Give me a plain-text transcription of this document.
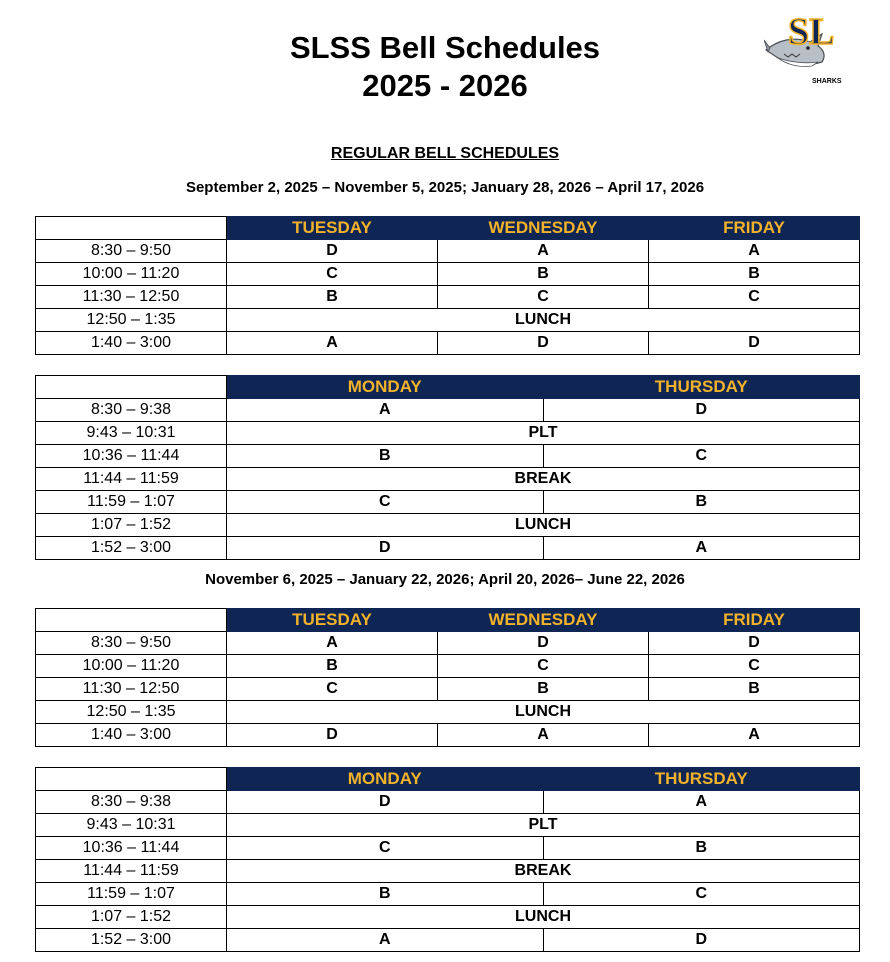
SLSS Bell Schedules
2025 - 2026
SL
SHARKS
REGULAR BELL SCHEDULES
September 2, 2025 – November 5, 2025; January 28, 2026 – April 17, 2026
November 6, 2025 – January 22, 2026; April 20, 2026– June 22, 2026
	TUESDAY	WEDNESDAY	FRIDAY
8:30 – 9:50	D	A	A
10:00 – 11:20	C	B	B
11:30 – 12:50	B	C	C
12:50 – 1:35	LUNCH		
1:40 – 3:00	A	D	D
	MONDAY	THURSDAY
8:30 – 9:38	A	D
9:43 – 10:31	PLT	
10:36 – 11:44	B	C
11:44 – 11:59	BREAK	
11:59 – 1:07	C	B
1:07 – 1:52	LUNCH	
1:52 – 3:00	D	A
	TUESDAY	WEDNESDAY	FRIDAY
8:30 – 9:50	A	D	D
10:00 – 11:20	B	C	C
11:30 – 12:50	C	B	B
12:50 – 1:35	LUNCH		
1:40 – 3:00	D	A	A
	MONDAY	THURSDAY
8:30 – 9:38	D	A
9:43 – 10:31	PLT	
10:36 – 11:44	C	B
11:44 – 11:59	BREAK	
11:59 – 1:07	B	C
1:07 – 1:52	LUNCH	
1:52 – 3:00	A	D
